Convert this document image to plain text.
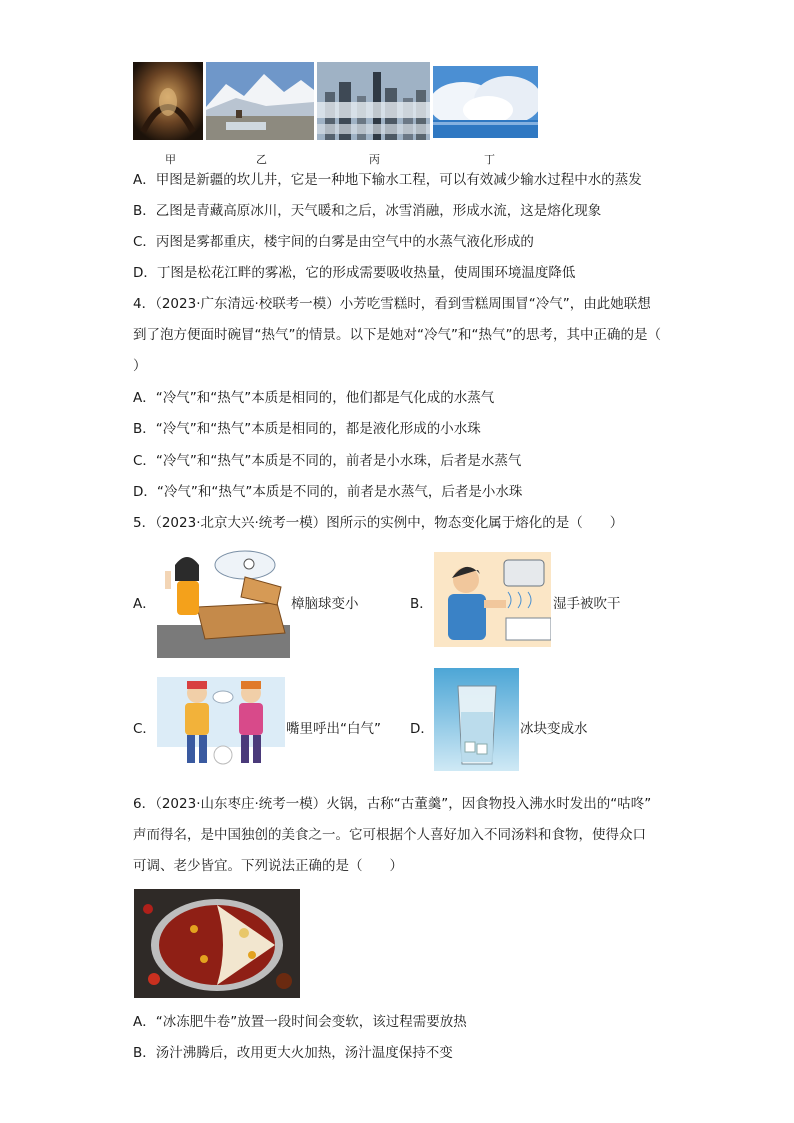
甲	乙	丙	丁
A．甲图是新疆的坎儿井，它是一种地下输水工程，可以有效减少输水过程中水的蒸发
B．乙图是青藏高原冰川，天气暖和之后，冰雪消融，形成水流，这是熔化现象
C．丙图是雾都重庆，楼宇间的白雾是由空气中的水蒸气液化形成的
D．丁图是松花江畔的雾凇，它的形成需要吸收热量，使周围环境温度降低
4．（2023·广东清远·校联考一模）小芳吃雪糕时，看到雪糕周围冒“冷气”，由此她联想
到了泡方便面时碗冒“热气”的情景。以下是她对“冷气”和“热气”的思考，其中正确的是（
）
A．“冷气”和“热气”本质是相同的，他们都是气化成的水蒸气
B．“冷气”和“热气”本质是相同的，都是液化形成的小水珠
C．“冷气”和“热气”本质是不同的，前者是小水珠，后者是水蒸气
D．“冷气”和“热气”本质是不同的，前者是水蒸气，后者是小水珠
5．（2023·北京大兴·统考一模）图所示的实例中，物态变化属于熔化的是（　　）
A．	樟脑球变小	B．	湿手被吹干
C．	嘴里呼出“白气” D．	冰块变成水
6．（2023·山东枣庄·统考一模）火锅，古称“古董羹”，因食物投入沸水时发出的“咕咚”
声而得名，是中国独创的美食之一。它可根据个人喜好加入不同汤料和食物，使得众口
可调、老少皆宜。下列说法正确的是（　　）
A．“冰冻肥牛卷”放置一段时间会变软，该过程需要放热
B．汤汁沸腾后，改用更大火加热，汤汁温度保持不变
